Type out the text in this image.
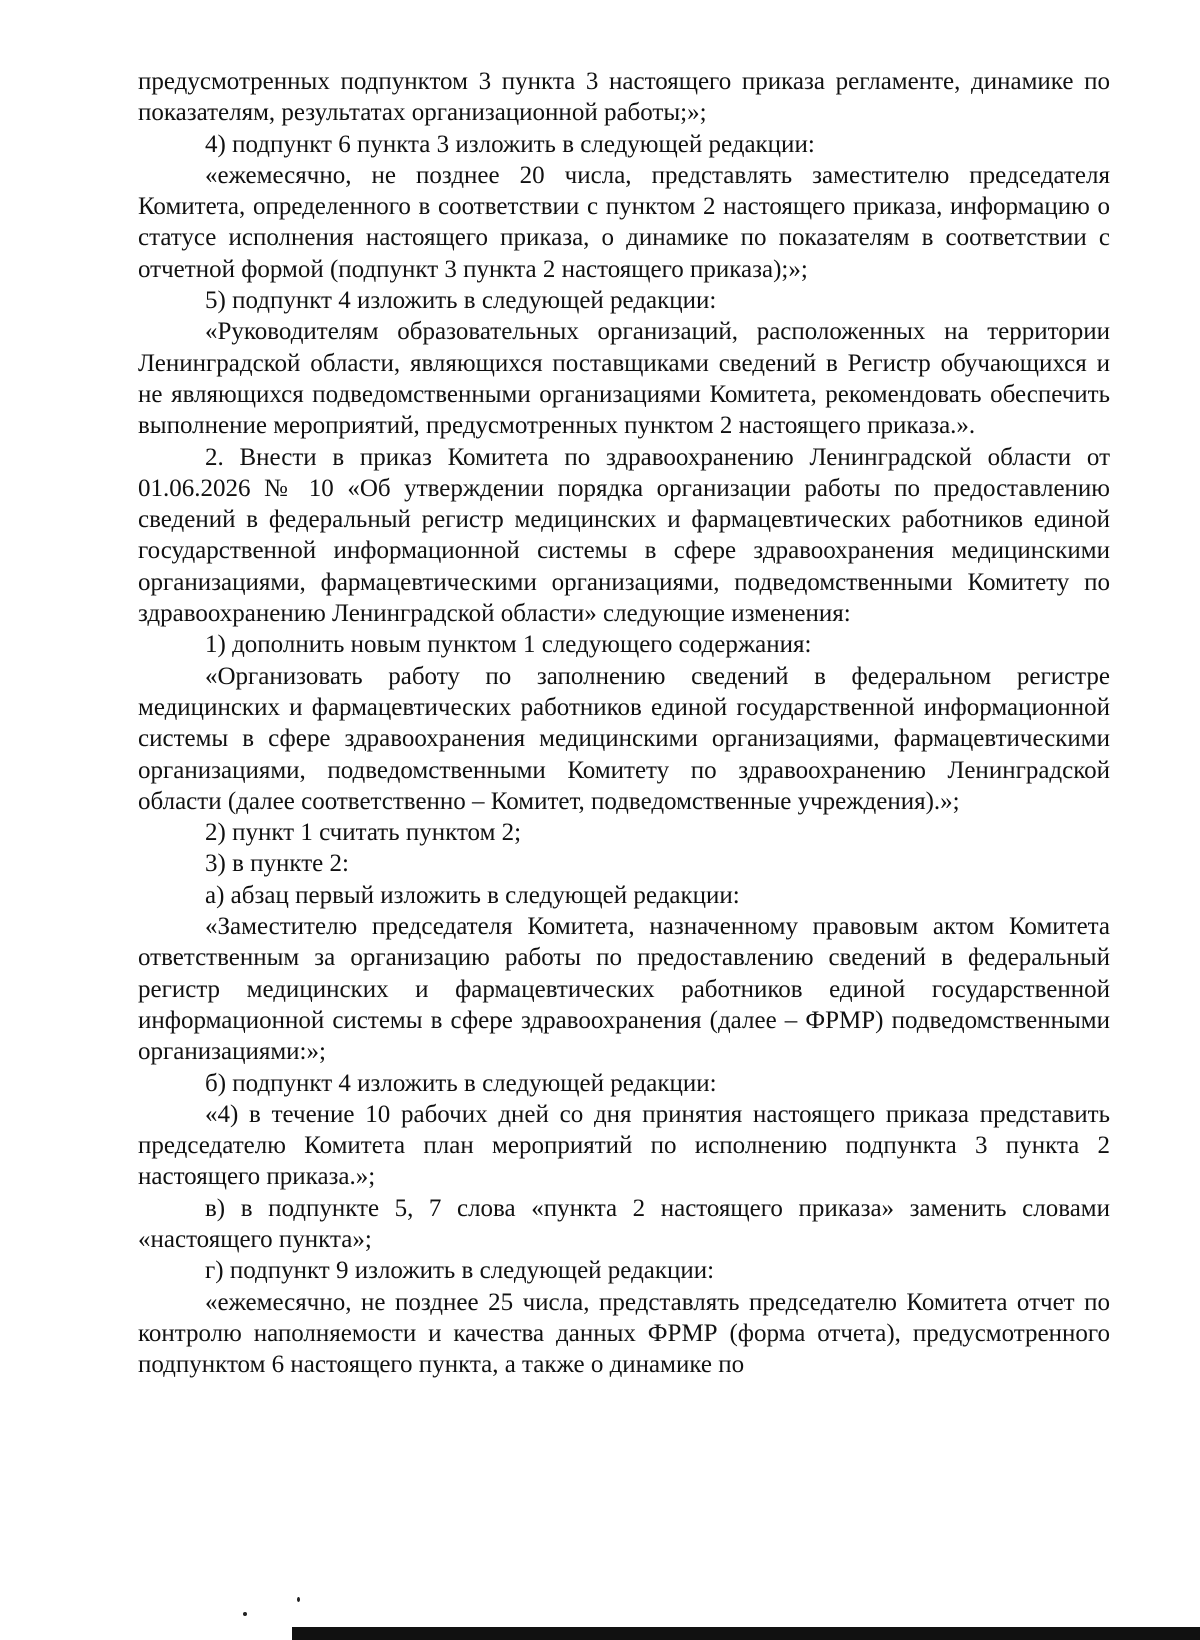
предусмотренных подпунктом 3 пункта 3 настоящего приказа регламенте, динамике по показателям, результатах организационной работы;»;

4) подпункт 6 пункта 3 изложить в следующей редакции:

«ежемесячно, не позднее 20 числа, представлять заместителю председателя Комитета, определенного в соответствии с пунктом 2 настоящего приказа, информацию о статусе исполнения настоящего приказа, о динамике по показателям в соответствии с отчетной формой (подпункт 3 пункта 2 настоящего приказа);»;

5) подпункт 4 изложить в следующей редакции:

«Руководителям образовательных организаций, расположенных на территории Ленинградской области, являющихся поставщиками сведений в Регистр обучающихся и не являющихся подведомственными организациями Комитета, рекомендовать обеспечить выполнение мероприятий, предусмотренных пунктом 2 настоящего приказа.».

2. Внести в приказ Комитета по здравоохранению Ленинградской области от 01.06.2026 № 10 «Об утверждении порядка организации работы по предоставлению сведений в федеральный регистр медицинских и фармацевтических работников единой государственной информационной системы в сфере здравоохранения медицинскими организациями, фармацевтическими организациями, подведомственными Комитету по здравоохранению Ленинградской области» следующие изменения:

1) дополнить новым пунктом 1 следующего содержания:

«Организовать работу по заполнению сведений в федеральном регистре медицинских и фармацевтических работников единой государственной информационной системы в сфере здравоохранения медицинскими организациями, фармацевтическими организациями, подведомственными Комитету по здравоохранению Ленинградской области (далее соответственно – Комитет, подведомственные учреждения).»;

2) пункт 1 считать пунктом 2;

3) в пункте 2:

а) абзац первый изложить в следующей редакции:

«Заместителю председателя Комитета, назначенному правовым актом Комитета ответственным за организацию работы по предоставлению сведений в федеральный регистр медицинских и фармацевтических работников единой государственной информационной системы в сфере здравоохранения (далее – ФРМР) подведомственными организациями:»;

б) подпункт 4 изложить в следующей редакции:

«4) в течение 10 рабочих дней со дня принятия настоящего приказа представить председателю Комитета план мероприятий по исполнению подпункта 3 пункта 2 настоящего приказа.»;

в) в подпункте 5, 7 слова «пункта 2 настоящего приказа» заменить словами «настоящего пункта»;

г) подпункт 9 изложить в следующей редакции:

«ежемесячно, не позднее 25 числа, представлять председателю Комитета отчет по контролю наполняемости и качества данных ФРМР (форма отчета), предусмотренного подпунктом 6 настоящего пункта, а также о динамике по
